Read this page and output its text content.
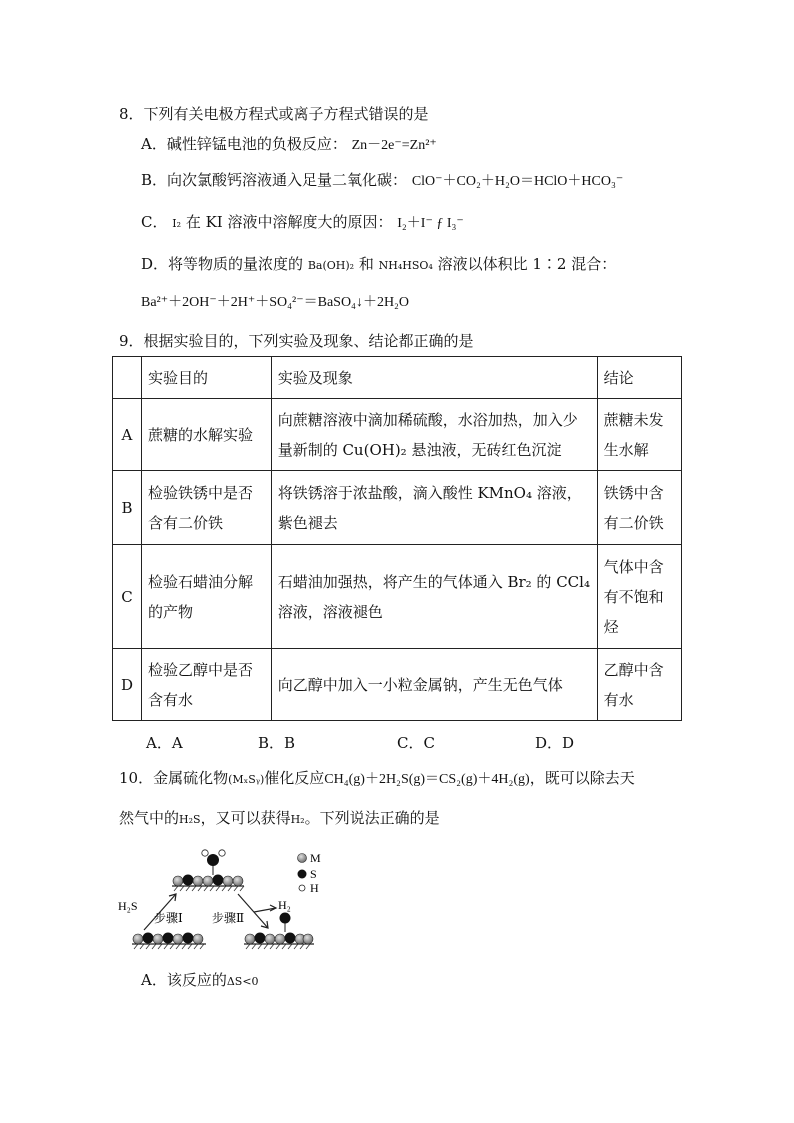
8．下列有关电极方程式或离子方程式错误的是
A．碱性锌锰电池的负极反应： Zn－2e⁻=Zn²⁺
B．向次氯酸钙溶液通入足量二氧化碳： ClO⁻＋CO₂＋H₂O＝HClO＋HCO₃⁻
C． I₂ 在 KI 溶液中溶解度大的原因： I₂＋I⁻ ƒ I₃⁻
D．将等物质的量浓度的 Ba(OH)₂ 和 NH₄HSO₄ 溶液以体积比 1∶2 混合：
Ba²⁺＋2OH⁻＋2H⁺＋SO₄²⁻＝BaSO₄↓＋2H₂O
9．根据实验目的，下列实验及现象、结论都正确的是
	实验目的	实验及现象	结论
A	蔗糖的水解实验	向蔗糖溶液中滴加稀硫酸，水浴加热，加入少量新制的 Cu(OH)₂ 悬浊液，无砖红色沉淀	蔗糖未发生水解
B	检验铁锈中是否含有二价铁	将铁锈溶于浓盐酸，滴入酸性 KMnO₄ 溶液，紫色褪去	铁锈中含有二价铁
C	检验石蜡油分解的产物	石蜡油加强热，将产生的气体通入 Br₂ 的 CCl₄ 溶液，溶液褪色	气体中含有不饱和烃
D	检验乙醇中是否含有水	向乙醇中加入一小粒金属钠，产生无色气体	乙醇中含有水
A．A	B．B	C．C	D．D
10．金属硫化物(MₓSᵧ)催化反应CH₄(g)＋2H₂S(g)＝CS₂(g)＋4H₂(g)，既可以除去天
然气中的H₂S，又可以获得H₂。下列说法正确的是
M
S
H
H₂S	H₂
步骤Ⅰ 步骤Ⅱ
A．该反应的ΔS<0
